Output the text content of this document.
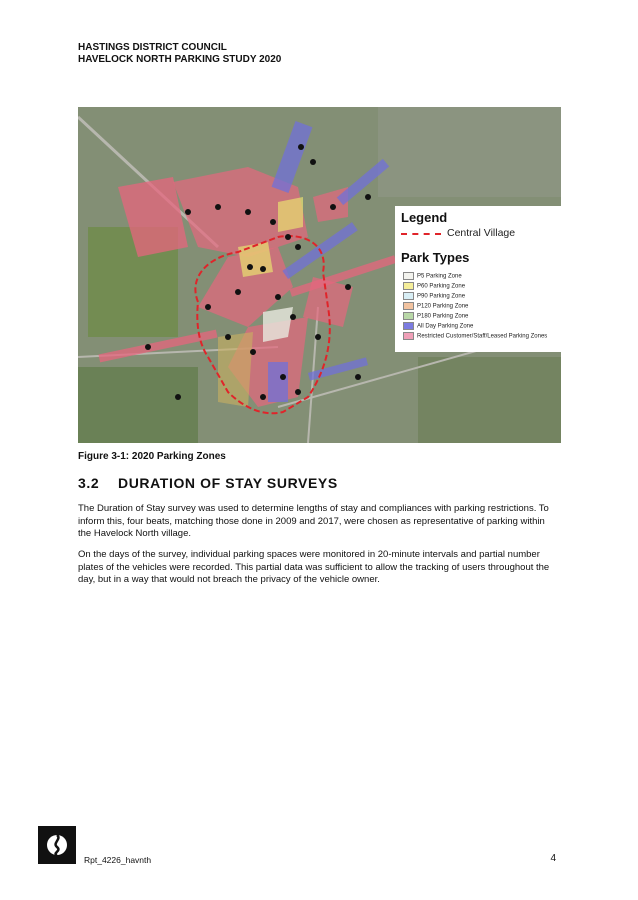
HASTINGS DISTRICT COUNCIL
HAVELOCK NORTH PARKING STUDY 2020
Legend
Central Village
Park Types
P5 Parking Zone
P60 Parking Zone
P90 Parking Zone
P120 Parking Zone
P180 Parking Zone
All Day Parking Zone
Restricted Customer/Staff/Leased Parking Zones
Figure 3-1: 2020 Parking Zones
3.2 DURATION OF STAY SURVEYS
The Duration of Stay survey was used to determine lengths of stay and compliances with parking restrictions. To inform this, four beats, matching those done in 2009 and 2017, were chosen as representative of parking within the Havelock North village.
On the days of the survey, individual parking spaces were monitored in 20-minute intervals and partial number plates of the vehicles were recorded. This partial data was sufficient to allow the tracking of users throughout the day, but in a way that would not breach the privacy of the vehicle owner.
Rpt_4226_havnth	4
